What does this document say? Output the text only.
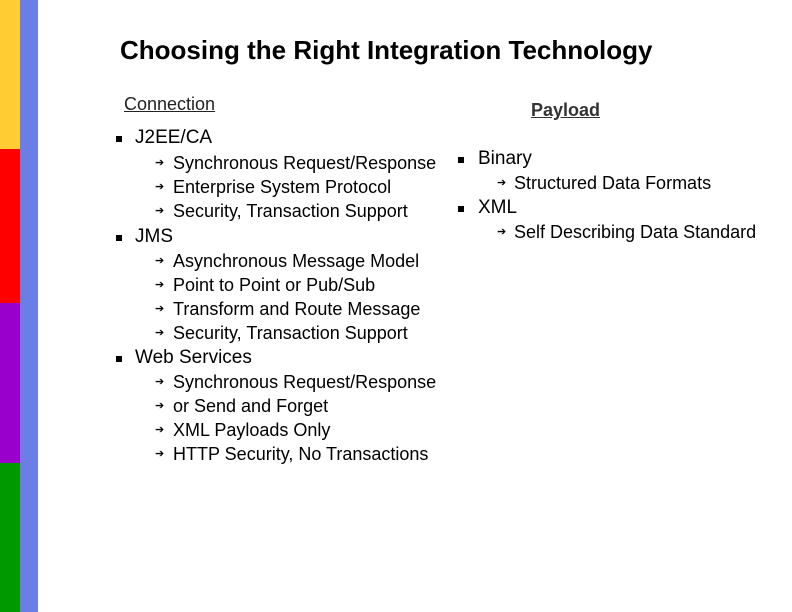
Choosing the Right Integration Technology
Connection	Payload
J2EE/CA
➔ Synchronous Request/Response
➔ Enterprise System Protocol
➔ Security, Transaction Support
JMS
➔ Asynchronous Message Model
➔ Point to Point or Pub/Sub
➔ Transform and Route Message
➔ Security, Transaction Support
Web Services
➔ Synchronous Request/Response
➔ or Send and Forget
➔ XML Payloads Only
➔ HTTP Security, No Transactions
Binary
➔ Structured Data Formats
XML
➔ Self Describing Data Standard
